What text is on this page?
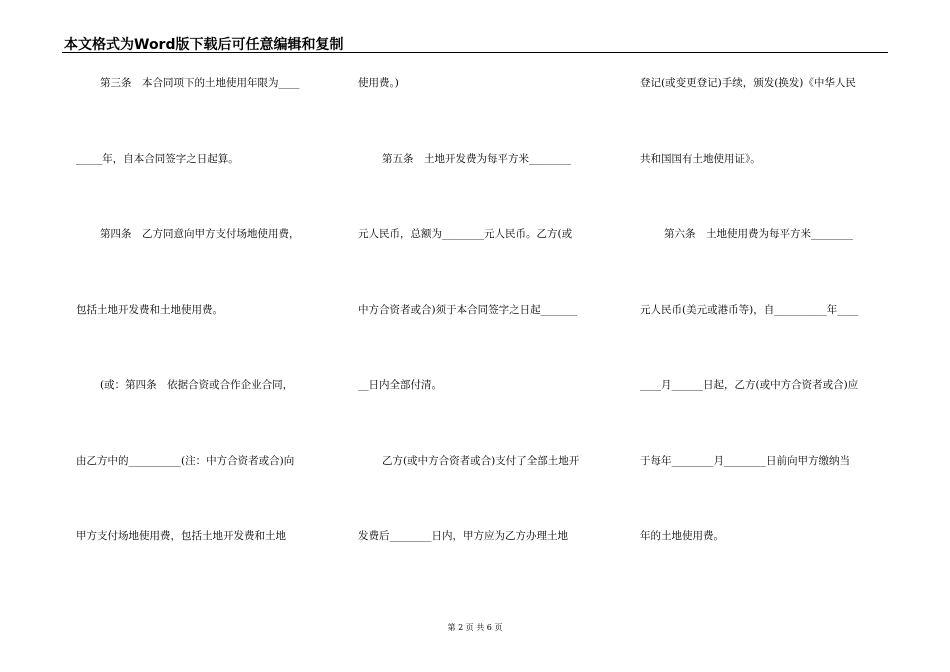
本文格式为Word版下载后可任意编辑和复制
第三条　本合同项下的土地使用年限为____
_____年，自本合同签字之日起算。
第四条　乙方同意向甲方支付场地使用费，
包括土地开发费和土地使用费。
(或：第四条　依据合资或合作企业合同，
由乙方中的__________(注：中方合资者或合)向
甲方支付场地使用费，包括土地开发费和土地
使用费。)
第五条　土地开发费为每平方米________
元人民币，总额为________元人民币。乙方(或
中方合资者或合)须于本合同签字之日起_______
__日内全部付清。
乙方(或中方合资者或合)支付了全部土地开
发费后________日内，甲方应为乙方办理土地
登记(或变更登记)手续，颁发(换发)《中华人民
共和国国有土地使用证》。
第六条　土地使用费为每平方米________
元人民币(美元或港币等)，自__________年____
____月______日起，乙方(或中方合资者或合)应
于每年________月________日前向甲方缴纳当
年的土地使用费。
第 2 页 共 6 页
